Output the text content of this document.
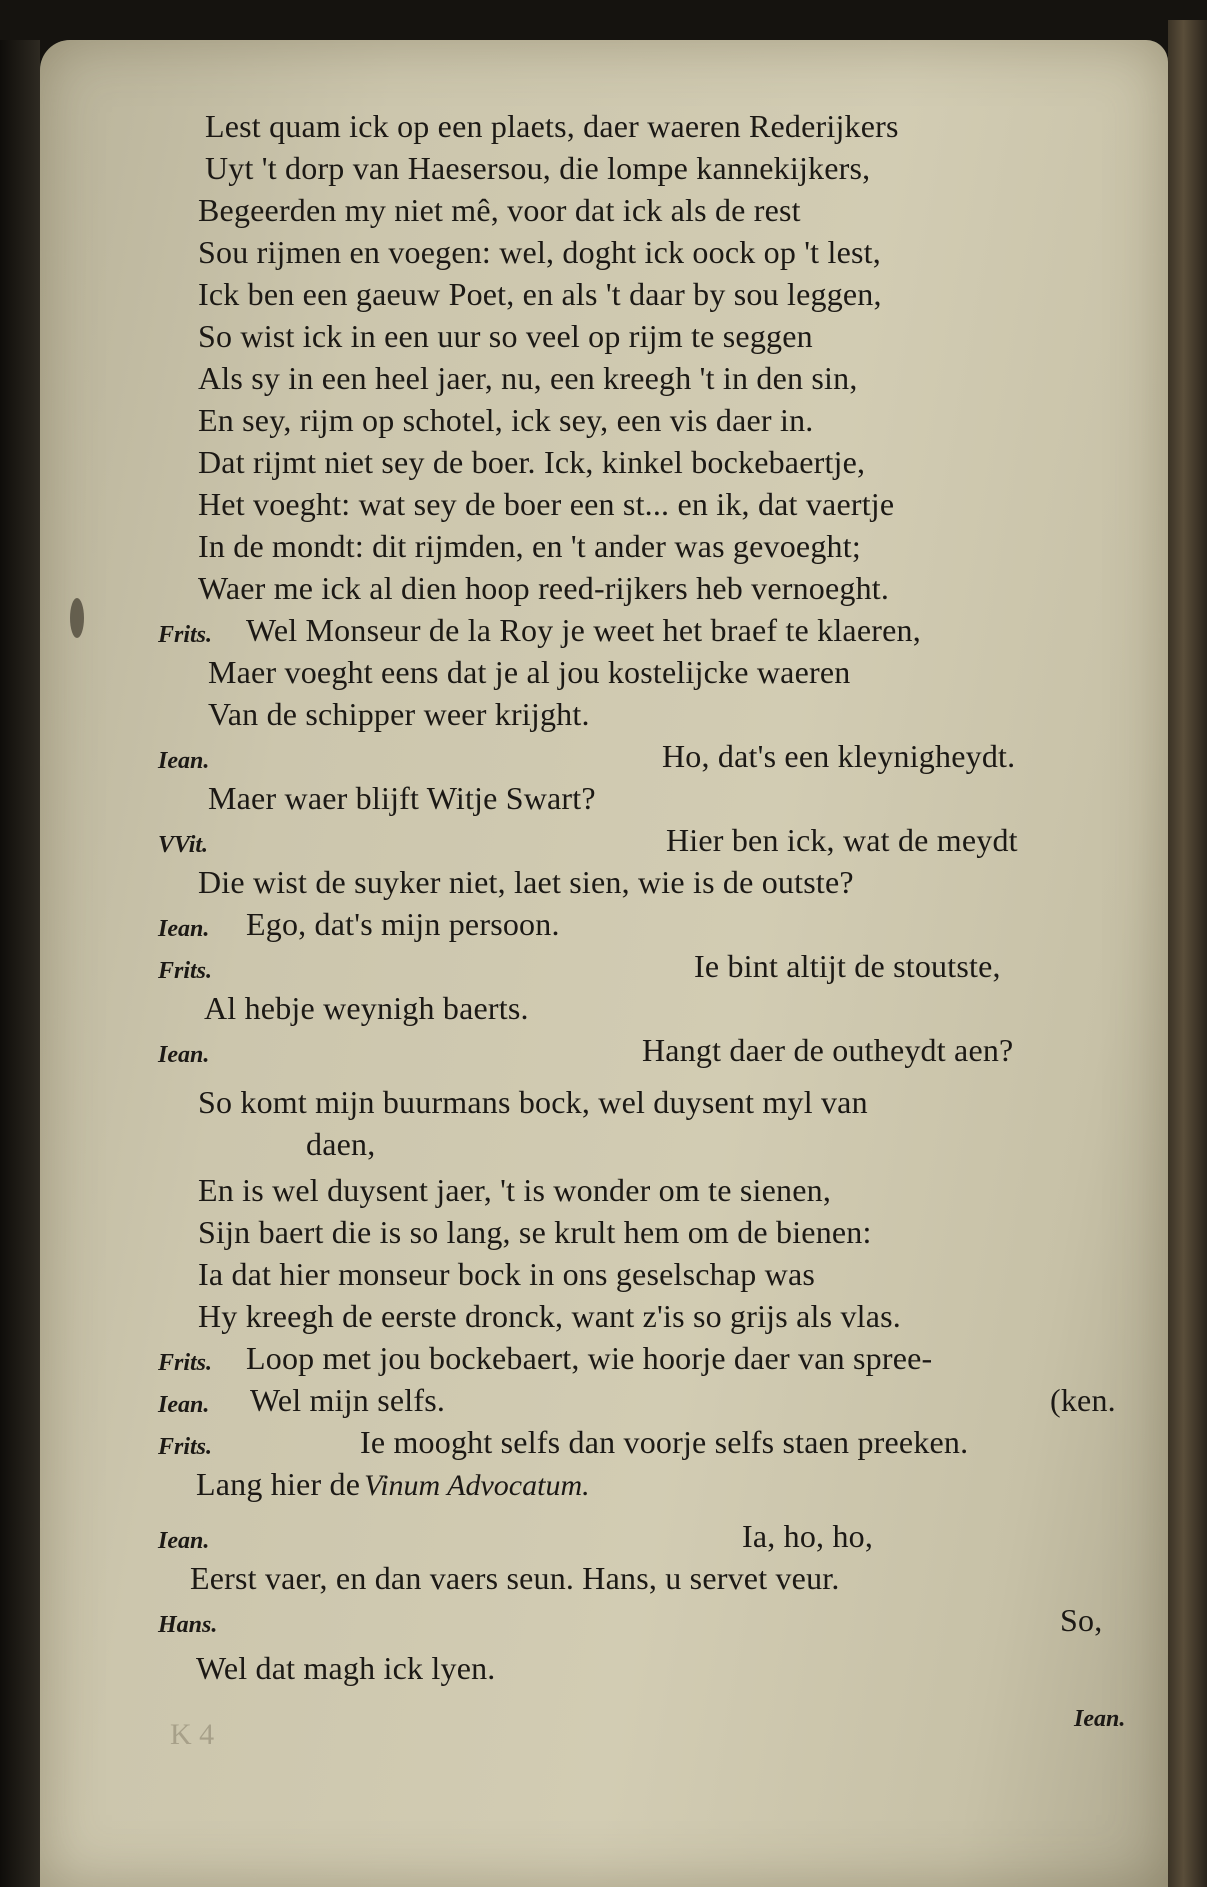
Lest quam ick op een plaets, daer waeren Rederijkers
Uyt 't dorp van Haesersou, die lompe kannekijkers,
Begeerden my niet mê, voor dat ick als de rest
Sou rijmen en voegen: wel, doght ick oock op 't lest,
Ick ben een gaeuw Poet, en als 't daar by sou leggen,
So wist ick in een uur so veel op rijm te seggen
Als sy in een heel jaer, nu, een kreegh 't in den sin,
En sey, rijm op schotel, ick sey, een vis daer in.
Dat rijmt niet sey de boer. Ick, kinkel bockebaertje,
Het voeght: wat sey de boer een st... en ik, dat vaertje
In de mondt: dit rijmden, en 't ander was gevoeght;
Waer me ick al dien hoop reed-rijkers heb vernoeght.
Frits. Wel Monseur de la Roy je weet het braef te klaeren,
Maer voeght eens dat je al jou kostelijcke waeren
Van de schipper weer krijght.
Iean.	Ho, dat's een kleynigheydt.
Maer waer blijft Witje Swart?
VVit.	Hier ben ick, wat de meydt
Die wist de suyker niet, laet sien, wie is de outste?
Iean. Ego, dat's mijn persoon.
Frits.	Ie bint altijt de stoutste,
Al hebje weynigh baerts.
Iean.	Hangt daer de outheydt aen?
So komt mijn buurmans bock, wel duysent myl van
daen,
En is wel duysent jaer, 't is wonder om te sienen,
Sijn baert die is so lang, se krult hem om de bienen:
Ia dat hier monseur bock in ons geselschap was
Hy kreegh de eerste dronck, want z'is so grijs als vlas.
Frits. Loop met jou bockebaert, wie hoorje daer van spree-
Iean. Wel mijn selfs.	(ken.
Frits.	Ie mooght selfs dan voorje selfs staen preeken.
Lang hier de Vinum Advocatum.
Iean.	Ia, ho, ho,
Eerst vaer, en dan vaers seun. Hans, u servet veur.
Hans.	So,
Wel dat magh ick lyen.
Iean.
K 4
